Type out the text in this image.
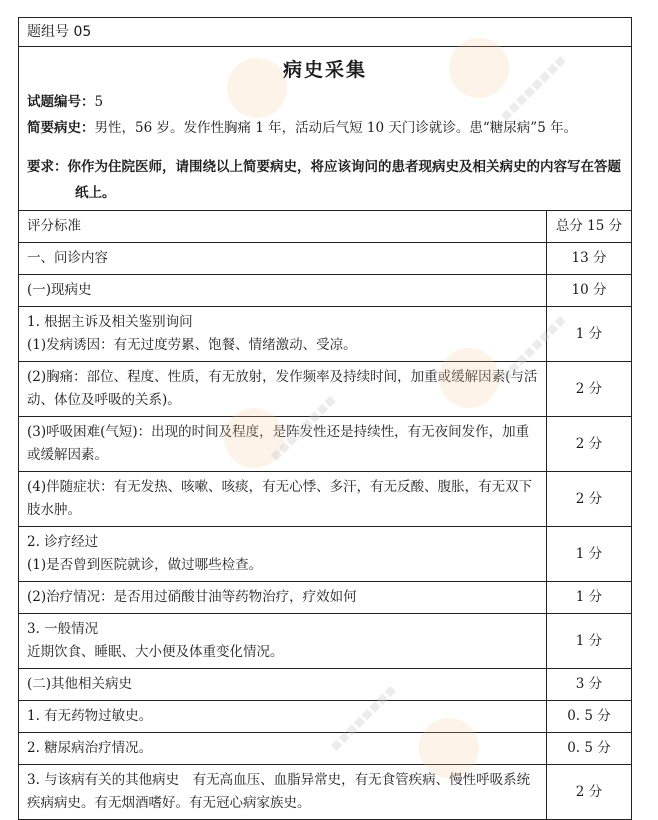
题组号 05
病史采集
试题编号：5
简要病史：男性，56 岁。发作性胸痛 1 年，活动后气短 10 天门诊就诊。患“糖尿病”5 年。
要求：你作为住院医师，请围绕以上简要病史，将应该询问的患者现病史及相关病史的内容写在答题纸上。
评分标准	总分 15 分

一、问诊内容	13 分

(一)现病史	10 分

1. 根据主诉及相关鉴别询问
(1)发病诱因：有无过度劳累、饱餐、情绪激动、受凉。	1 分

(2)胸痛：部位、程度、性质，有无放射，发作频率及持续时间，加重或缓解因素(与活动、体位及呼吸的关系)。	2 分

(3)呼吸困难(气短)：出现的时间及程度，是阵发性还是持续性，有无夜间发作，加重或缓解因素。	2 分

(4)伴随症状：有无发热、咳嗽、咳痰，有无心悸、多汗，有无反酸、腹胀，有无双下肢水肿。	2 分

2. 诊疗经过
(1)是否曾到医院就诊，做过哪些检查。	1 分

(2)治疗情况：是否用过硝酸甘油等药物治疗，疗效如何	1 分

3. 一般情况
近期饮食、睡眠、大小便及体重变化情况。	1 分

(二)其他相关病史	3 分

1. 有无药物过敏史。	0. 5 分

2. 糖尿病治疗情况。	0. 5 分

3. 与该病有关的其他病史　有无高血压、血脂异常史，有无食管疾病、慢性呼吸系统疾病病史。有无烟酒嗜好。有无冠心病家族史。	2 分
▪▪▪▪▪▪▪▪
▪▪▪▪▪▪▪▪
▪▪▪▪▪▪▪▪
▪▪▪▪▪▪▪▪
